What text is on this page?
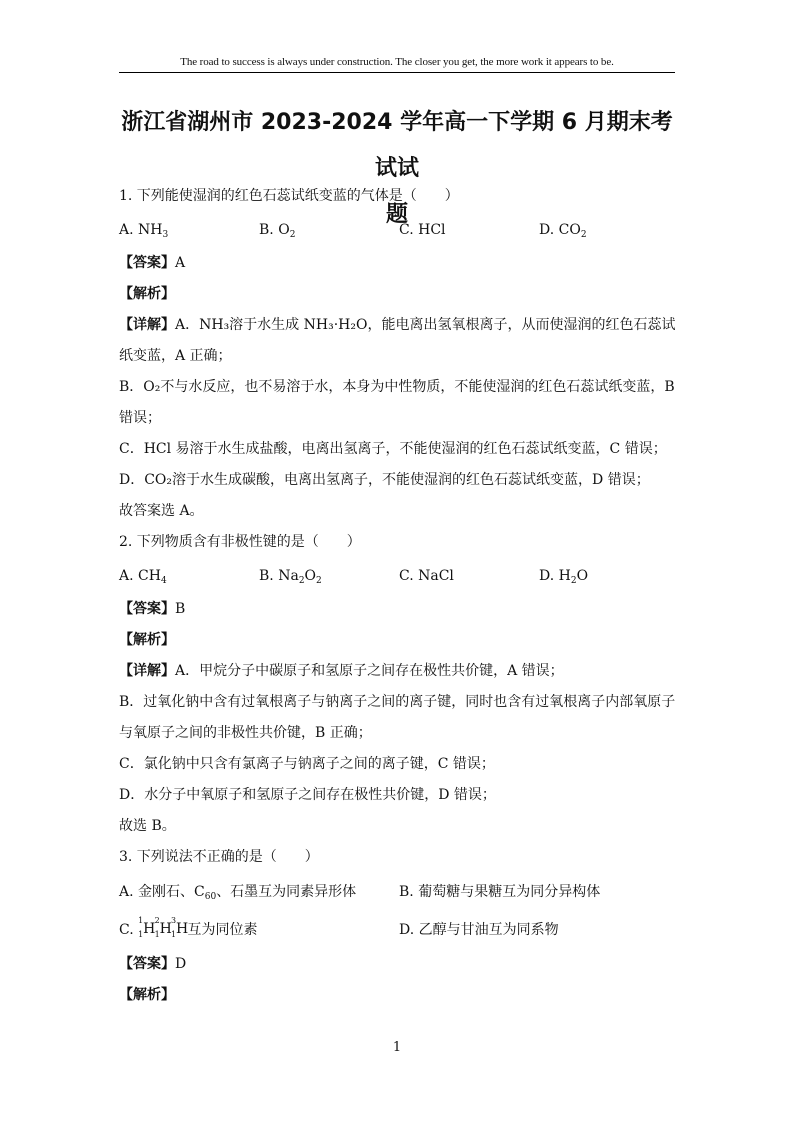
The road to success is always under construction. The closer you get, the more work it appears to be.
浙江省湖州市 2023-2024 学年高一下学期 6 月期末考试试
题
1. 下列能使湿润的红色石蕊试纸变蓝的气体是（　　）
A. $NH_3$	B. $O_2$	C. HCl	D. $CO_2$
【答案】A
【解析】
【详解】A．NH₃溶于水生成 NH₃·H₂O，能电离出氢氧根离子，从而使湿润的红色石蕊试纸变蓝，A 正确；
B．O₂不与水反应，也不易溶于水，本身为中性物质，不能使湿润的红色石蕊试纸变蓝，B 错误；
C．HCl 易溶于水生成盐酸，电离出氢离子，不能使湿润的红色石蕊试纸变蓝，C 错误；
D．CO₂溶于水生成碳酸，电离出氢离子，不能使湿润的红色石蕊试纸变蓝，D 错误；
故答案选 A。
2. 下列物质含有非极性键的是（　　）
A. $CH_4$	B. $Na_2O_2$	C. NaCl	D. $H_2O$
【答案】B
【解析】
【详解】A．甲烷分子中碳原子和氢原子之间存在极性共价键，A 错误；
B．过氧化钠中含有过氧根离子与钠离子之间的离子键，同时也含有过氧根离子内部氧原子与氧原子之间的非极性共价键，B 正确；
C．氯化钠中只含有氯离子与钠离子之间的离子键，C 错误；
D．水分子中氧原子和氢原子之间存在极性共价键，D 错误；
故选 B。
3. 下列说法不正确的是（　　）
A. 金刚石、$C_{60}$、石墨互为同素异形体	B. 葡萄糖与果糖互为同分异构体
C.
1
1 H

2
1 H

3
1 H 互为同位素	D. 乙醇与甘油互为同系物
【答案】D
【解析】
1
